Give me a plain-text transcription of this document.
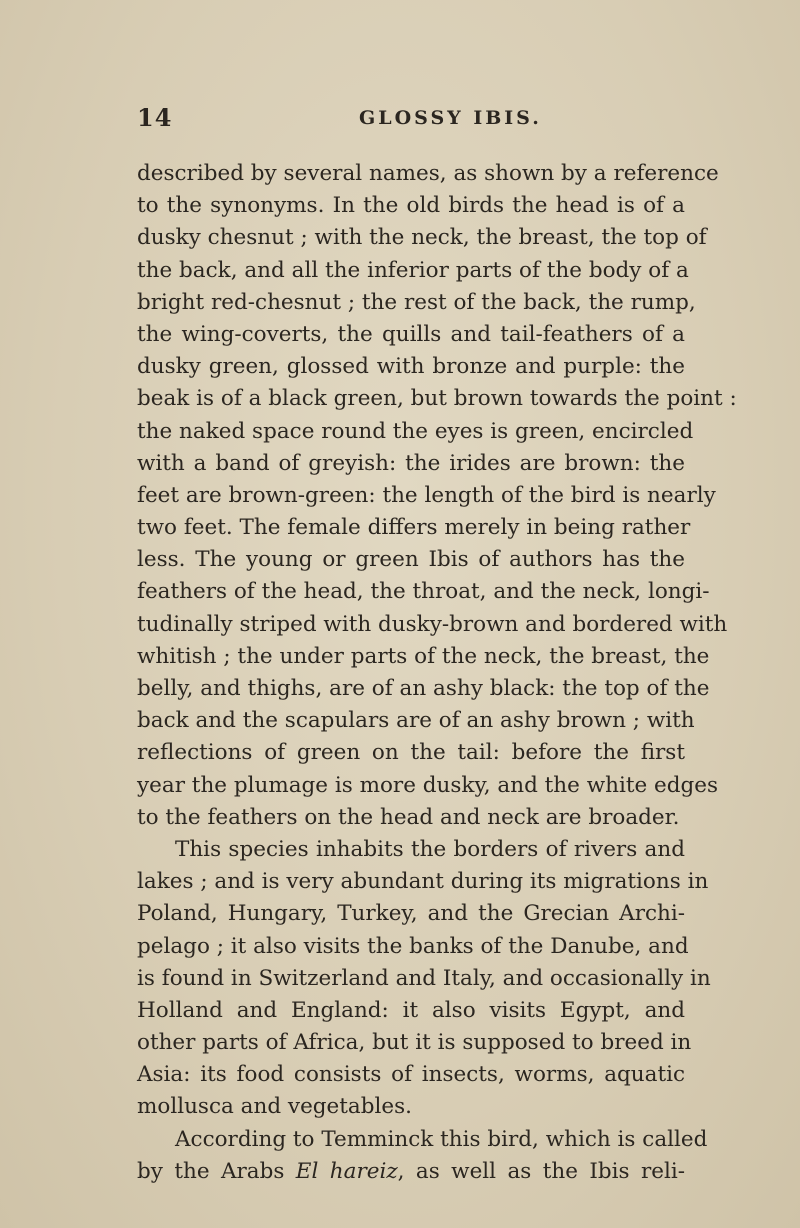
14	GLOSSY IBIS.
described by several names, as shown by a reference
to the synonyms. In the old birds the head is of a
dusky chesnut ; with the neck, the breast, the top of
the back, and all the inferior parts of the body of a
bright red-chesnut ; the rest of the back, the rump,
the wing-coverts, the quills and tail-feathers of a
dusky green, glossed with bronze and purple: the
beak is of a black green, but brown towards the point :
the naked space round the eyes is green, encircled
with a band of greyish: the irides are brown: the
feet are brown-green: the length of the bird is nearly
two feet. The female differs merely in being rather
less. The young or green Ibis of authors has the
feathers of the head, the throat, and the neck, longi-
tudinally striped with dusky-brown and bordered with
whitish ; the under parts of the neck, the breast, the
belly, and thighs, are of an ashy black: the top of the
back and the scapulars are of an ashy brown ; with
reflections of green on the tail: before the first
year the plumage is more dusky, and the white edges
to the feathers on the head and neck are broader.
This species inhabits the borders of rivers and
lakes ; and is very abundant during its migrations in
Poland, Hungary, Turkey, and the Grecian Archi-
pelago ; it also visits the banks of the Danube, and
is found in Switzerland and Italy, and occasionally in
Holland and England: it also visits Egypt, and
other parts of Africa, but it is supposed to breed in
Asia: its food consists of insects, worms, aquatic
mollusca and vegetables.
According to Temminck this bird, which is called
by the Arabs El hareiz, as well as the Ibis reli-
